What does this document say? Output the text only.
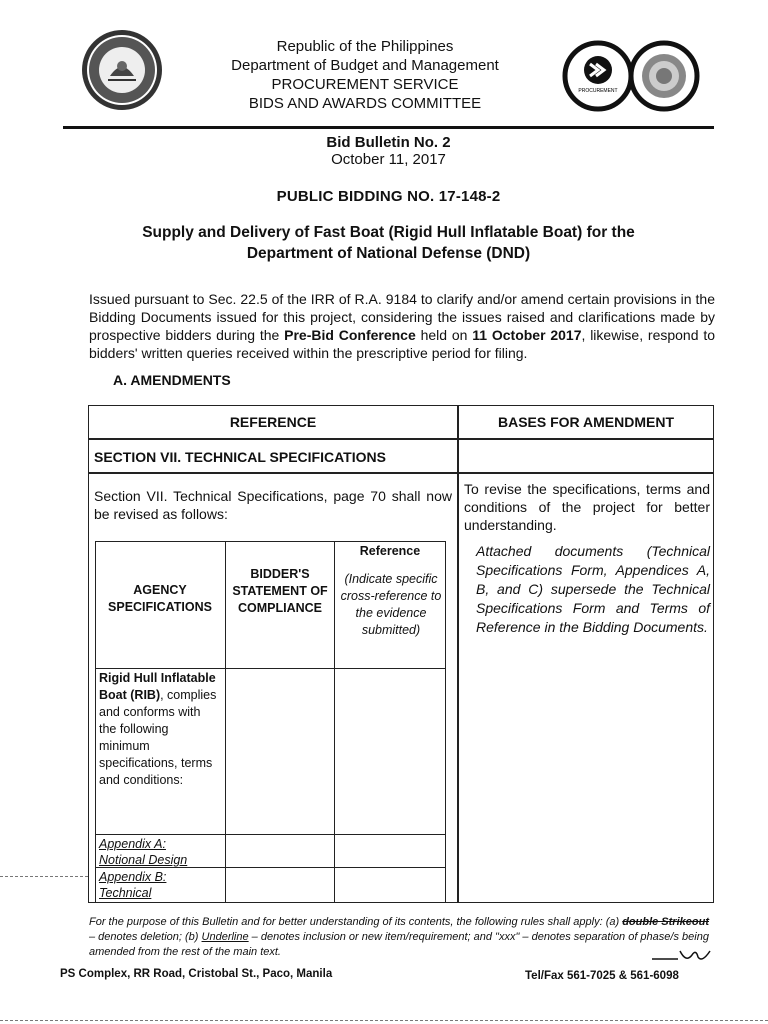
Republic of the Philippines
Department of Budget and Management
PROCUREMENT SERVICE
BIDS AND AWARDS COMMITTEE
PROCUREMENT
Bid Bulletin No. 2
October 11, 2017
PUBLIC BIDDING NO. 17-148-2
Supply and Delivery of Fast Boat (Rigid Hull Inflatable Boat) for the
Department of National Defense (DND)
Issued pursuant to Sec. 22.5 of the IRR of R.A. 9184 to clarify and/or amend certain provisions in the Bidding Documents issued for this project, considering the issues raised and clarifications made by prospective bidders during the Pre-Bid Conference held on 11 October 2017, likewise, respond to bidders' written queries received within the prescriptive period for filing.
A. AMENDMENTS
REFERENCE	BASES FOR AMENDMENT
SECTION VII. TECHNICAL SPECIFICATIONS
Section VII. Technical Specifications, page 70 shall now be revised as follows:
To revise the specifications, terms and conditions of the project for better understanding.
Attached documents (Technical Specifications Form, Appendices A, B, and C) supersede the Technical Specifications Form and Terms of Reference in the Bidding Documents.
AGENCY SPECIFICATIONS
BIDDER'S STATEMENT OF COMPLIANCE
Reference
(Indicate specific cross-reference to the evidence submitted)
Rigid Hull Inflatable Boat (RIB), complies and conforms with the following minimum specifications, terms and conditions:
Appendix A: Notional Design
Appendix B: Technical
For the purpose of this Bulletin and for better understanding of its contents, the following rules shall apply: (a) double Strikeout – denotes deletion; (b) Underline – denotes inclusion or new item/requirement; and "xxx" – denotes separation of phase/s being amended from the rest of the main text.
PS Complex, RR Road, Cristobal St., Paco, Manila	Tel/Fax 561-7025 & 561-6098
